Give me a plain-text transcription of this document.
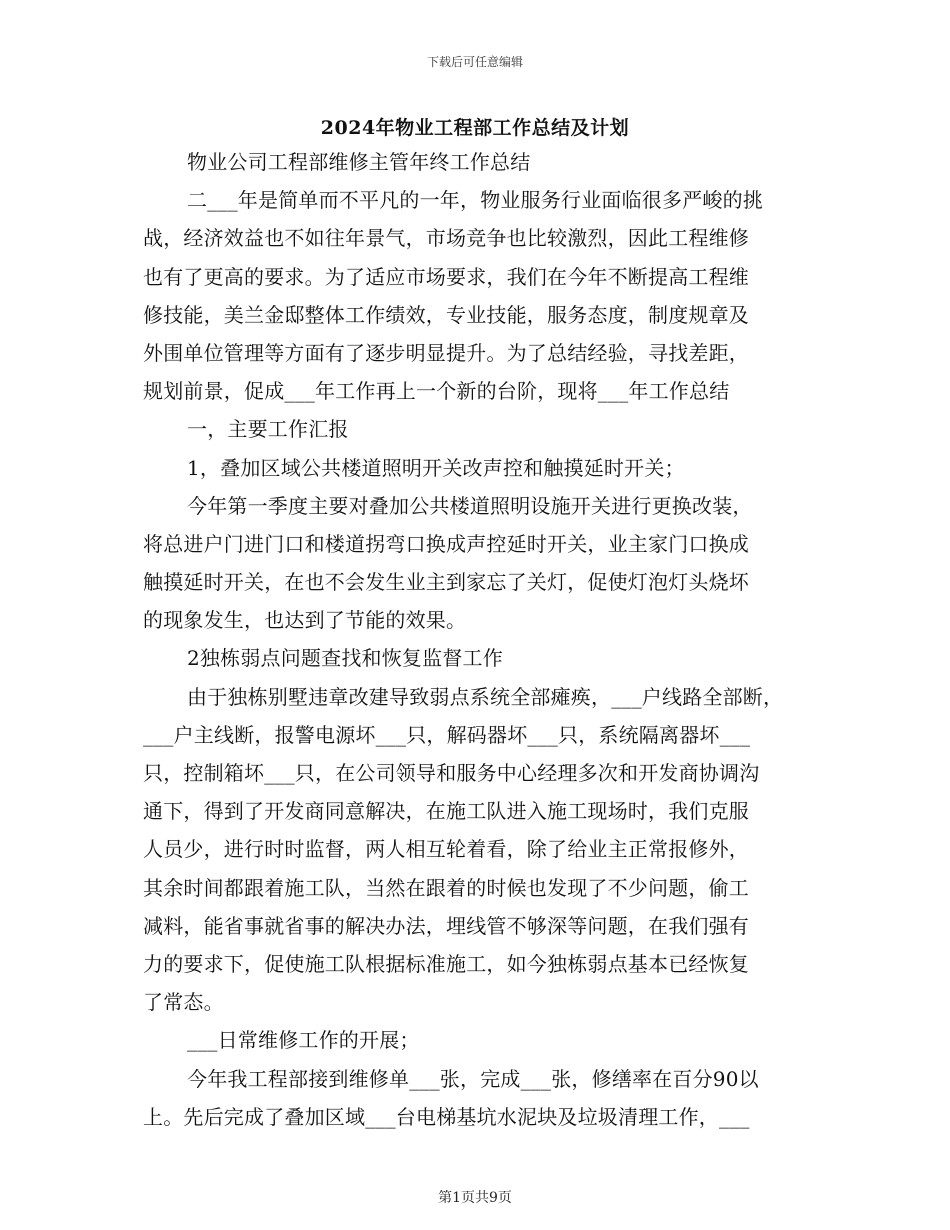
下载后可任意编辑
2024年物业工程部工作总结及计划
物业公司工程部维修主管年终工作总结
二___年是简单而不平凡的一年，物业服务行业面临很多严峻的挑
战，经济效益也不如往年景气，市场竞争也比较激烈，因此工程维修
也有了更高的要求。为了适应市场要求，我们在今年不断提高工程维
修技能，美兰金邸整体工作绩效，专业技能，服务态度，制度规章及
外围单位管理等方面有了逐步明显提升。为了总结经验，寻找差距，
规划前景，促成___年工作再上一个新的台阶，现将___年工作总结
一，主要工作汇报
1，叠加区域公共楼道照明开关改声控和触摸延时开关；
今年第一季度主要对叠加公共楼道照明设施开关进行更换改装，
将总进户门进门口和楼道拐弯口换成声控延时开关，业主家门口换成
触摸延时开关，在也不会发生业主到家忘了关灯，促使灯泡灯头烧坏
的现象发生，也达到了节能的效果。
2独栋弱点问题查找和恢复监督工作
由于独栋别墅违章改建导致弱点系统全部瘫痪，___户线路全部断，
___户主线断，报警电源坏___只，解码器坏___只，系统隔离器坏___
只，控制箱坏___只，在公司领导和服务中心经理多次和开发商协调沟
通下，得到了开发商同意解决，在施工队进入施工现场时，我们克服
人员少，进行时时监督，两人相互轮着看，除了给业主正常报修外，
其余时间都跟着施工队，当然在跟着的时候也发现了不少问题，偷工
减料，能省事就省事的解决办法，埋线管不够深等问题，在我们强有
力的要求下，促使施工队根据标准施工，如今独栋弱点基本已经恢复
了常态。
___日常维修工作的开展；
今年我工程部接到维修单___张，完成___张，修缮率在百分90以
上。先后完成了叠加区域___台电梯基坑水泥块及垃圾清理工作，___
第1页共9页
